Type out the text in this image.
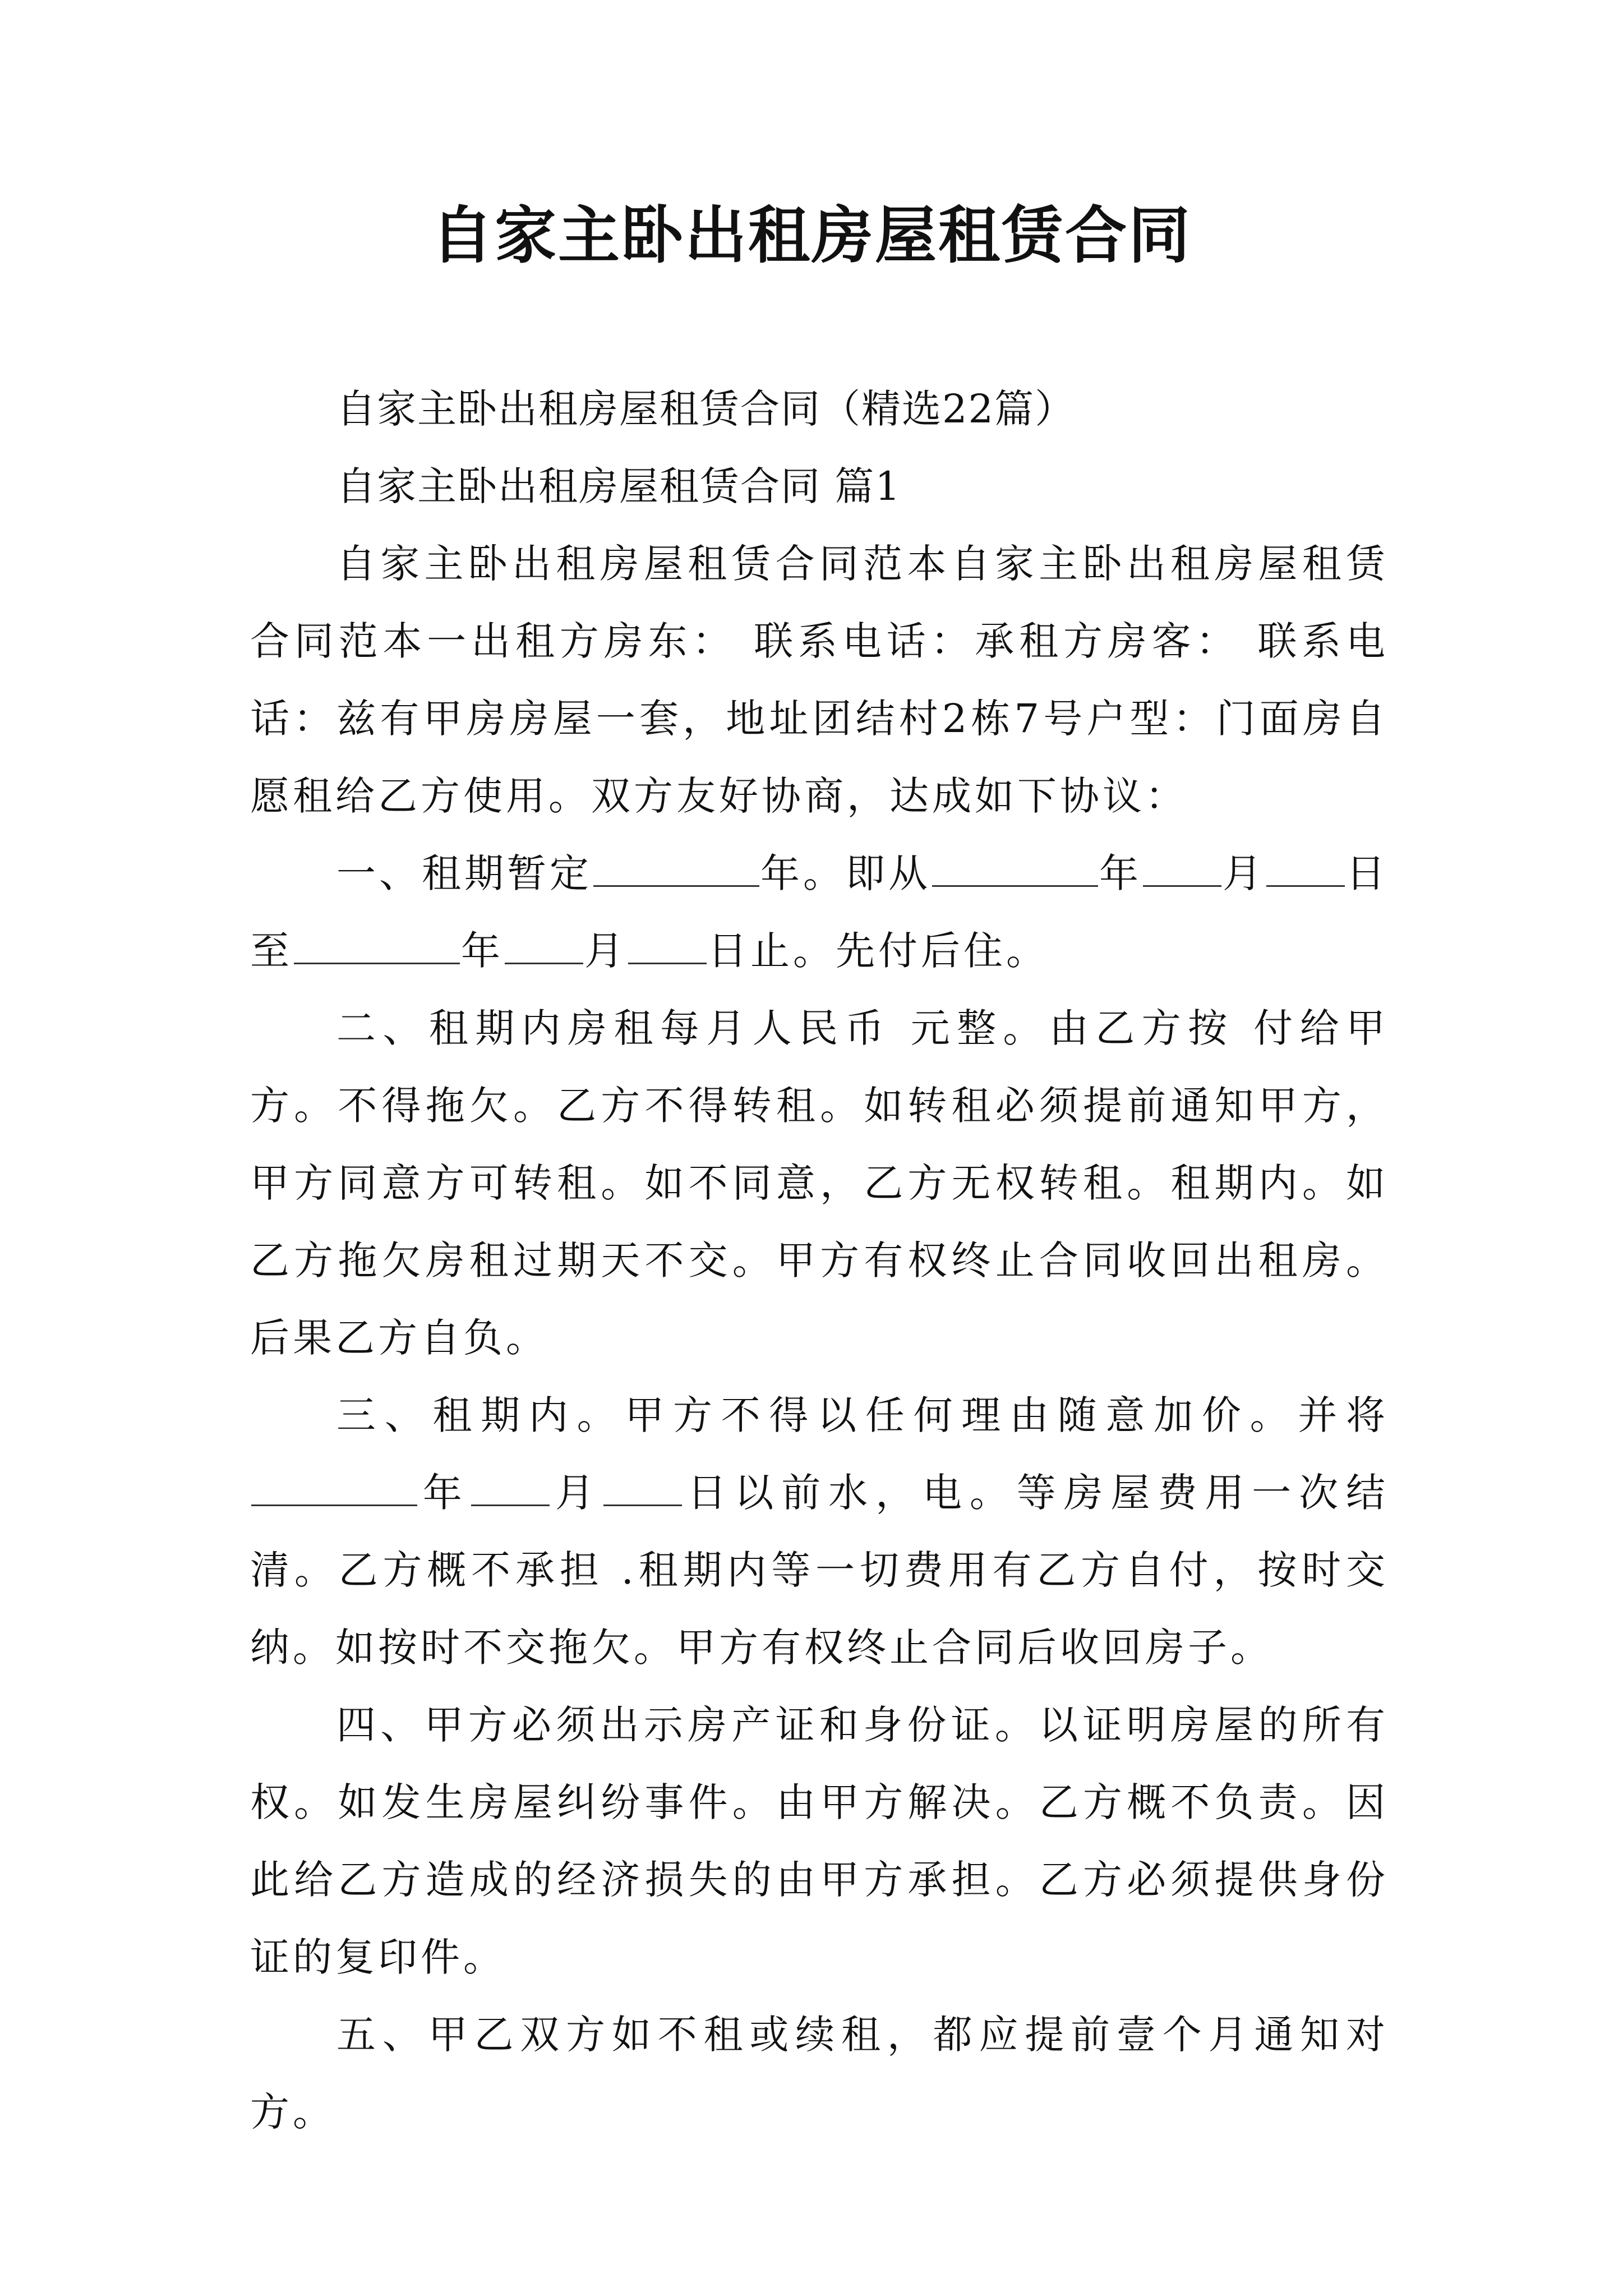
自家主卧出租房屋租赁合同

自家主卧出租房屋租赁合同（精选22篇）

自家主卧出租房屋租赁合同 篇1

自家主卧出租房屋租赁合同范本自家主卧出租房屋租赁合同范本一出租方房东： 联系电话：承租方房客： 联系电话：兹有甲房房屋一套，地址团结村2栋7号户型：门面房自愿租给乙方使用。双方友好协商，达成如下协议：

一、租期暂定	年。即从	年 月 日至	年 月 日止。先付后住。

二、租期内房租每月人民币 元整。由乙方按 付给甲方。不得拖欠。乙方不得转租。如转租必须提前通知甲方，甲方同意方可转租。如不同意，乙方无权转租。租期内。如乙方拖欠房租过期天不交。甲方有权终止合同收回出租房。后果乙方自负。

三、租期内。甲方不得以任何理由随意加价。并将年 月 日以前水，电。等房屋费用一次结清。乙方概不承担 .租期内等一切费用有乙方自付，按时交纳。如按时不交拖欠。甲方有权终止合同后收回房子。

四、甲方必须出示房产证和身份证。以证明房屋的所有权。如发生房屋纠纷事件。由甲方解决。乙方概不负责。因此给乙方造成的经济损失的由甲方承担。乙方必须提供身份证的复印件。

五、甲乙双方如不租或续租，都应提前壹个月通知对方。
